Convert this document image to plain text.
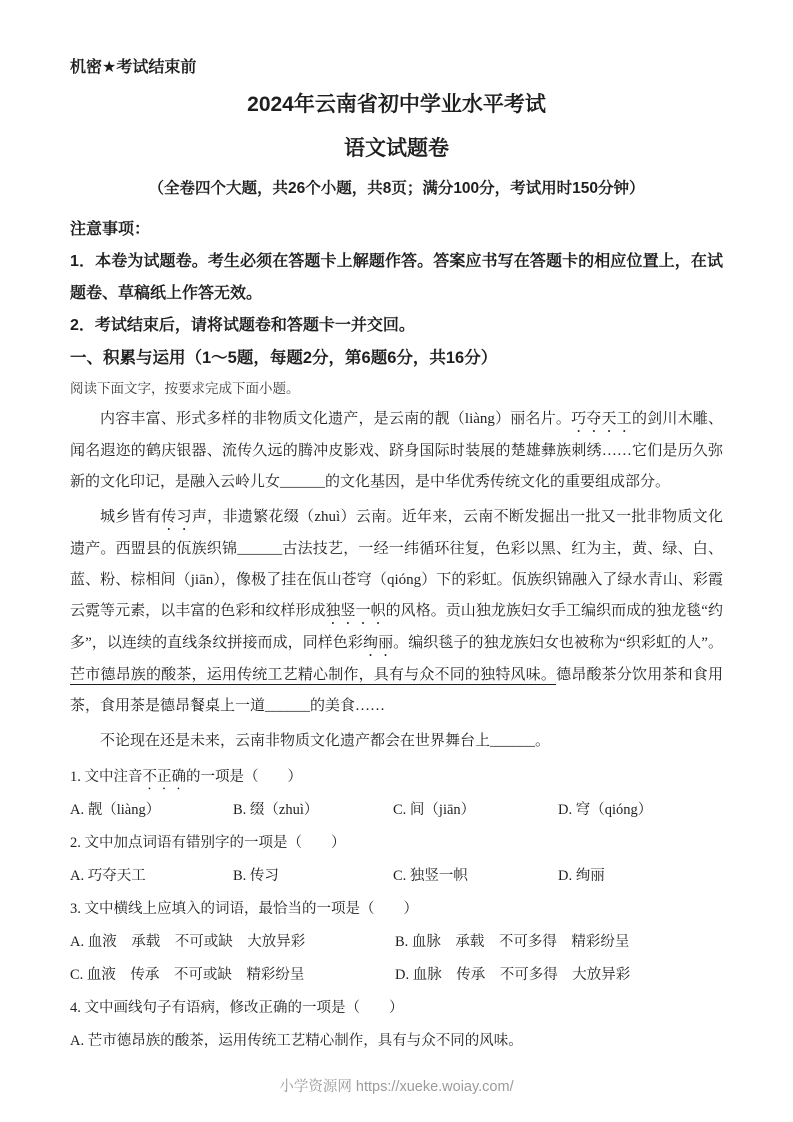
机密★考试结束前
2024年云南省初中学业水平考试
语文试题卷
（全卷四个大题，共26个小题，共8页；满分100分，考试用时150分钟）

注意事项：

1．本卷为试题卷。考生必须在答题卡上解题作答。答案应书写在答题卡的相应位置上，在试题卷、草稿纸上作答无效。

2．考试结束后，请将试题卷和答题卡一并交回。

一、积累与运用（1～5题，每题2分，第6题6分，共16分）

阅读下面文字，按要求完成下面小题。

内容丰富、形式多样的非物质文化遗产，是云南的靓（liàng）丽名片。巧夺天工的剑川木雕、闻名遐迩的鹤庆银器、流传久远的腾冲皮影戏、跻身国际时装展的楚雄彝族刺绣……它们是历久弥新的文化印记，是融入云岭儿女______的文化基因，是中华优秀传统文化的重要组成部分。

城乡皆有传习声，非遗繁花缀（zhuì）云南。近年来，云南不断发掘出一批又一批非物质文化遗产。西盟县的佤族织锦______古法技艺，一经一纬循环往复，色彩以黑、红为主，黄、绿、白、蓝、粉、棕相间（jiān），像极了挂在佤山苍穹（qióng）下的彩虹。佤族织锦融入了绿水青山、彩霞云霓等元素，以丰富的色彩和纹样形成独竖一帜的风格。贡山独龙族妇女手工编织而成的独龙毯“约多”，以连续的直线条纹拼接而成，同样色彩绚丽。编织毯子的独龙族妇女也被称为“织彩虹的人”。芒市德昂族的酸茶，运用传统工艺精心制作，具有与众不同的独特风味。德昂酸茶分饮用茶和食用茶，食用茶是德昂餐桌上一道______的美食……

不论现在还是未来，云南非物质文化遗产都会在世界舞台上______。

1. 文中注音不正确的一项是（　　）

A. 靓（liàng）	B. 缀（zhuì）	C. 间（jiān）	D. 穹（qióng）

2. 文中加点词语有错别字的一项是（　　）

A. 巧夺天工	B. 传习	C. 独竖一帜	D. 绚丽

3. 文中横线上应填入的词语，最恰当的一项是（　　）

A. 血液　承载　不可或缺　大放异彩	B. 血脉　承载　不可多得　精彩纷呈
C. 血液　传承　不可或缺　精彩纷呈	D. 血脉　传承　不可多得　大放异彩

4. 文中画线句子有语病，修改正确的一项是（　　）

A. 芒市德昂族的酸茶，运用传统工艺精心制作，具有与众不同的风味。
小学资源网 https://xueke.woiay.com/
